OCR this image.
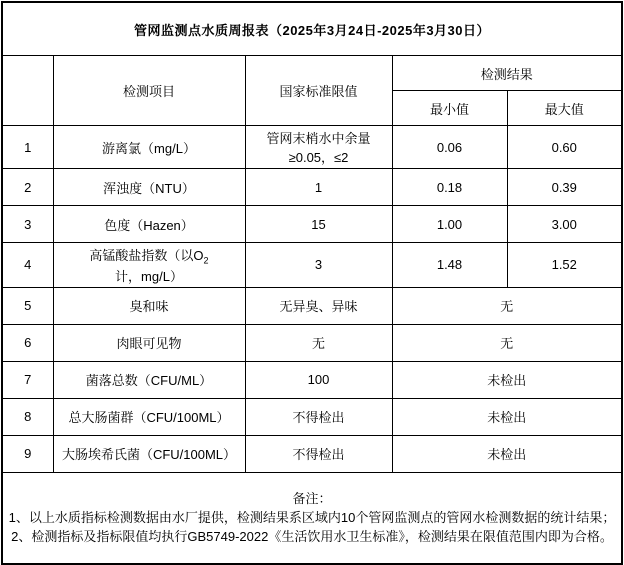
管网监测点水质周报表（2025年3月24日-2025年3月30日）				
	检测项目	国家标准限值	检测结果	
			最小值	最大值
1	游离氯（mg/L）	管网末梢水中余量≥0.05，≤2	0.06	0.60
2	浑浊度（NTU）	1	0.18	0.39
3	色度（Hazen）	15	1.00	3.00
4	高锰酸盐指数（以$O_2$计，mg/L）	3	1.48	1.52
5	臭和味	无异臭、异味	无	
6	肉眼可见物	无	无	
7	菌落总数（CFU/ML）	100	未检出	
8	总大肠菌群（CFU/100ML）	不得检出	未检出	
9	大肠埃希氏菌（CFU/100ML）	不得检出	未检出	

备注：
1、以上水质指标检测数据由水厂提供，检测结果系区域内10个管网监测点的管网水检测数据的统计结果；
2、检测指标及指标限值均执行GB5749-2022《生活饮用水卫生标准》，检测结果在限值范围内即为合格。				
